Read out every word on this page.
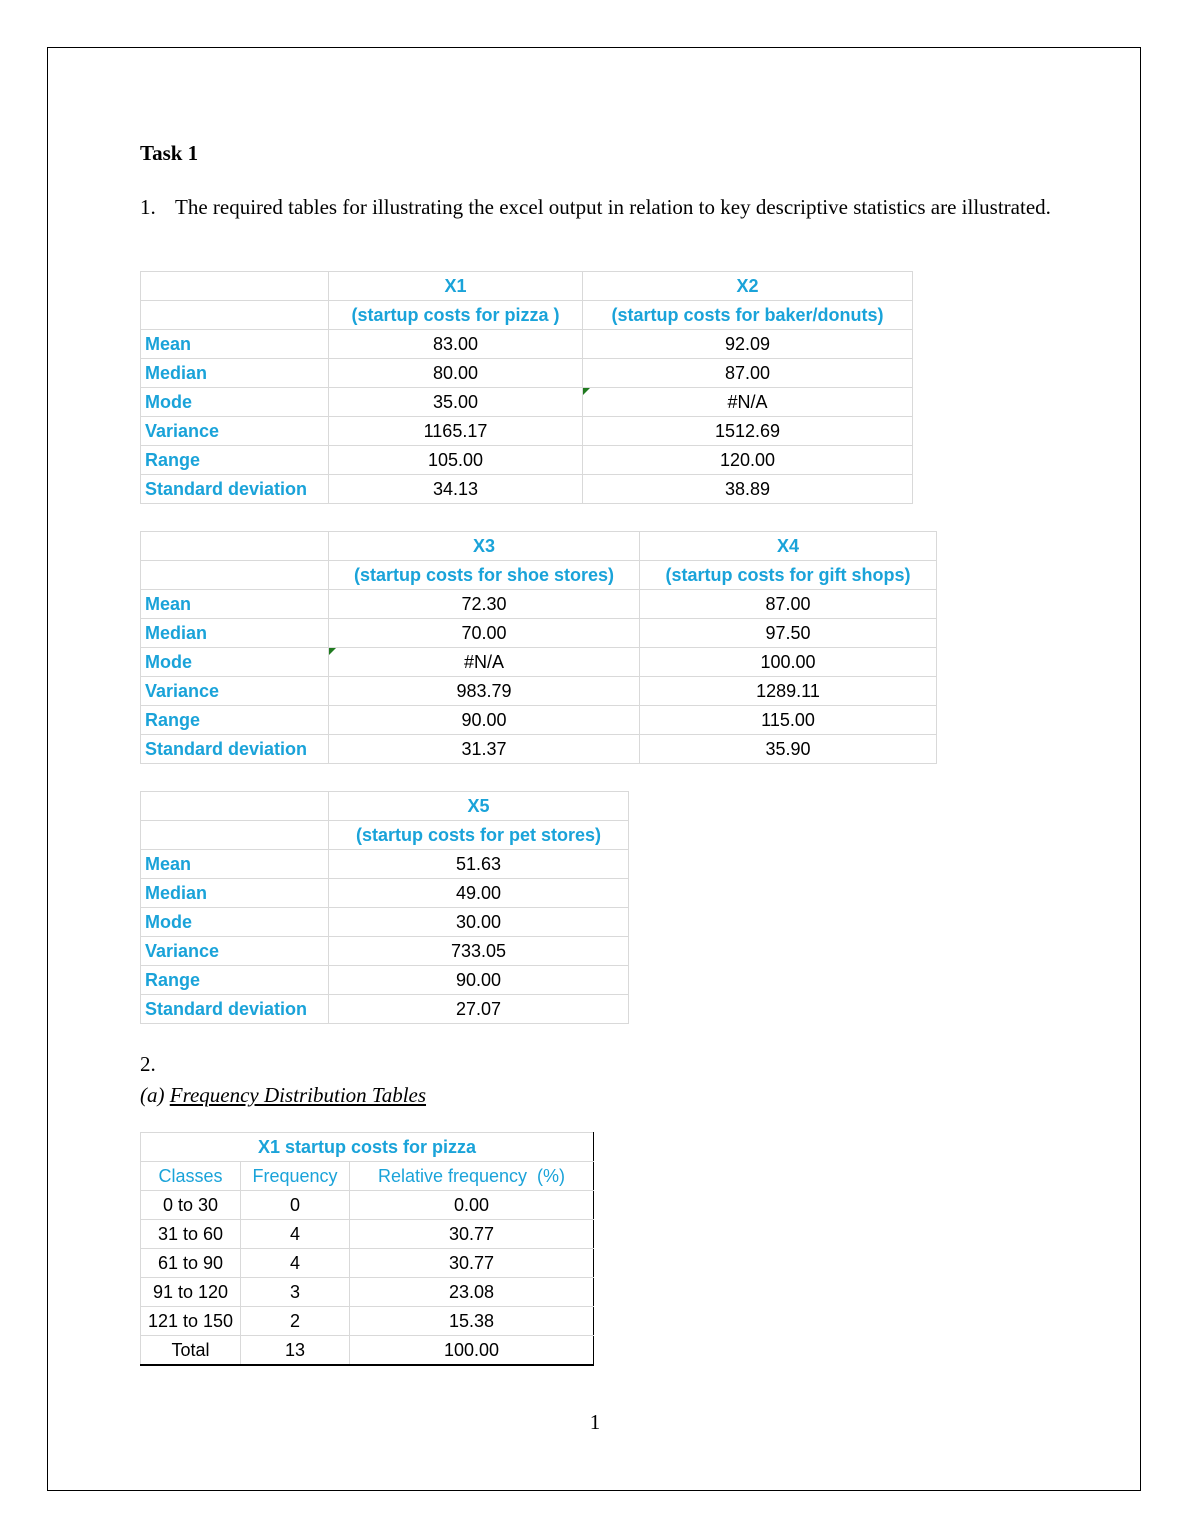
Task 1
1. The required tables for illustrating the excel output in relation to key descriptive statistics are illustrated.
	X1	X2
	(startup costs for pizza )	(startup costs for baker/donuts)
Mean	83.00	92.09
Median	80.00	87.00
Mode	35.00	#N/A
Variance	1165.17	1512.69
Range	105.00	120.00
Standard deviation	34.13	38.89
	X3	X4
	(startup costs for shoe stores)	(startup costs for gift shops)
Mean	72.30	87.00
Median	70.00	97.50
Mode	#N/A	100.00
Variance	983.79	1289.11
Range	90.00	115.00
Standard deviation	31.37	35.90
	X5
	(startup costs for pet stores)
Mean	51.63
Median	49.00
Mode	30.00
Variance	733.05
Range	90.00
Standard deviation	27.07
2.
(a) Frequency Distribution Tables
X1 startup costs for pizza		
Classes	Frequency	Relative frequency  (%)
0 to 30	0	0.00
31 to 60	4	30.77
61 to 90	4	30.77
91 to 120	3	23.08
121 to 150	2	15.38
Total	13	100.00
1
